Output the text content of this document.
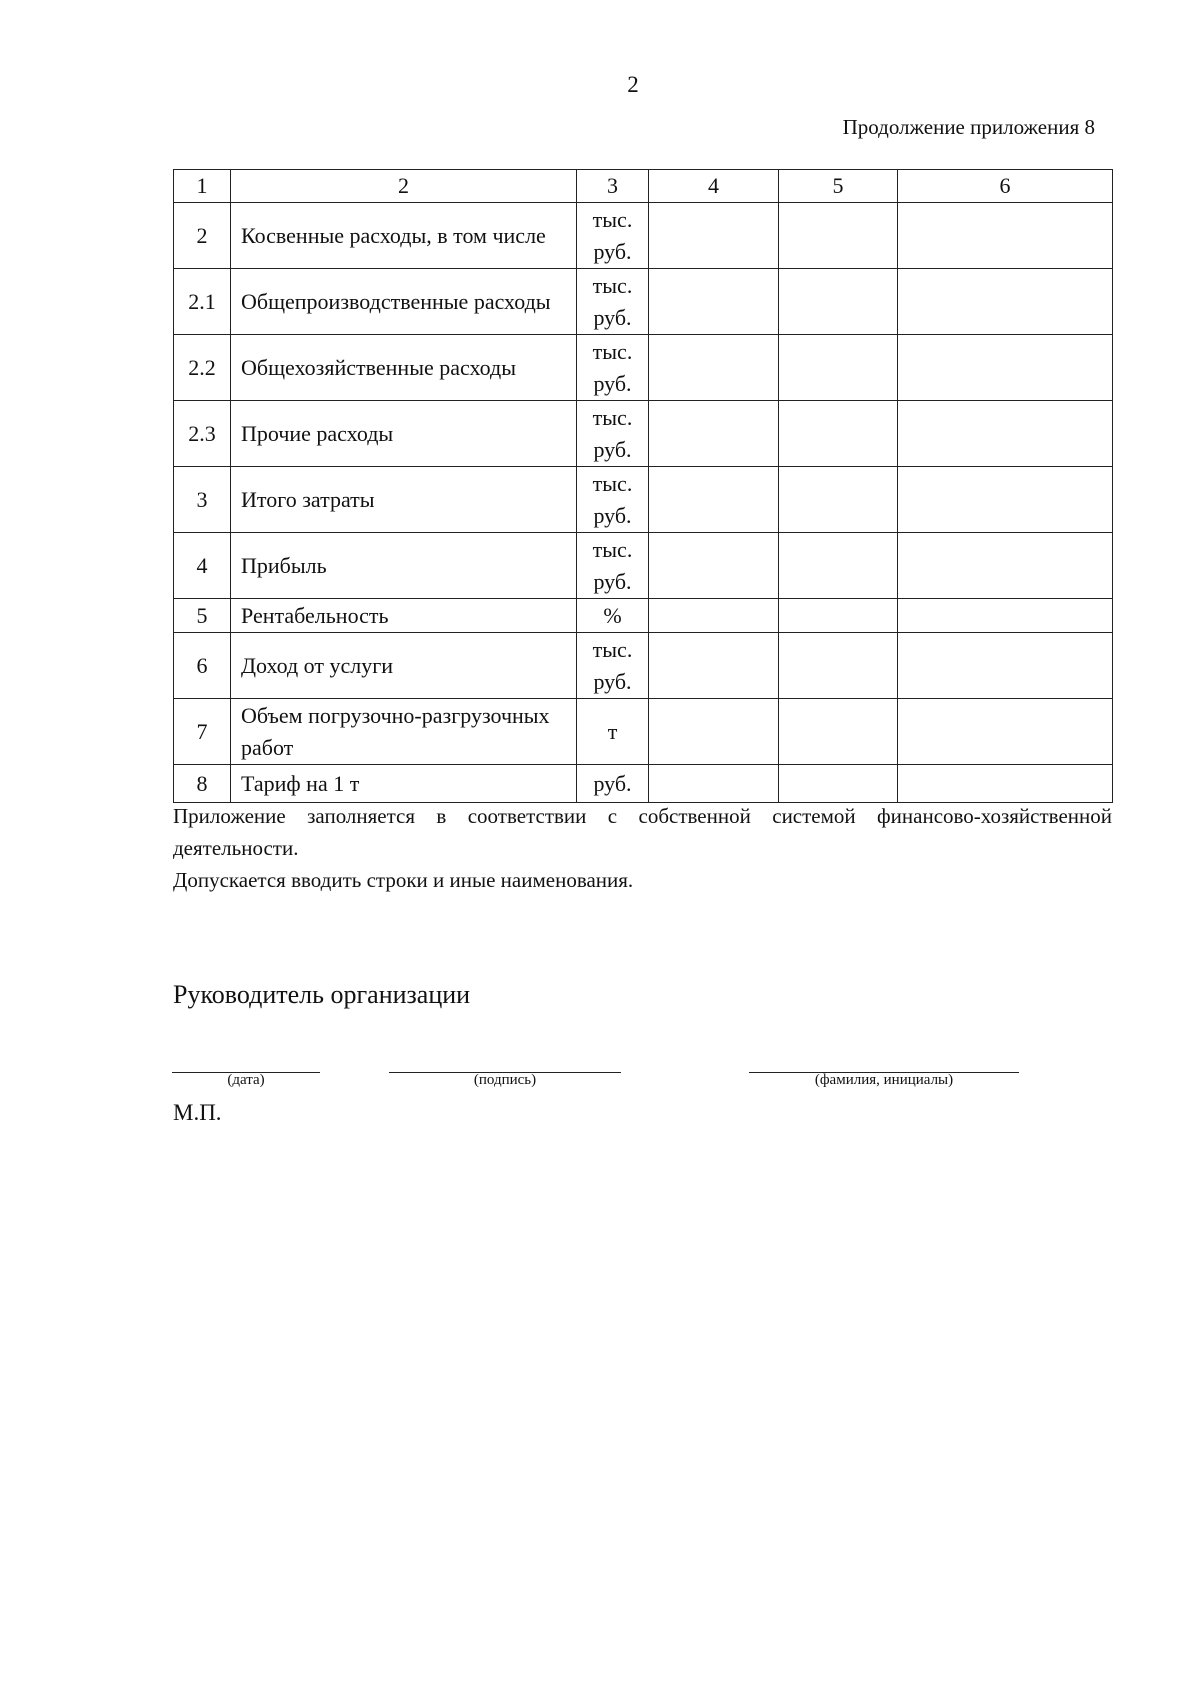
2
Продолжение приложения 8
1	2	3	4	5	6
2	Косвенные расходы, в том числе	тыс.
руб.			

2.1	Общепроизводственные расходы	тыс.
руб.			

2.2	Общехозяйственные расходы	тыс.
руб.			

2.3	Прочие расходы	тыс.
руб.			

3	Итого затраты	тыс.
руб.			

4	Прибыль	тыс.
руб.			

5	Рентабельность	%			

6	Доход от услуги	тыс.
руб.			

7	Объем погрузочно-разгрузочных работ	т			

8	Тариф на 1 т	руб.			

Приложение заполняется в соответствии с собственной системой финансово-хозяйственной деятельности.
Допускается вводить строки и иные наименования.
Руководитель организации
(дата)	(подпись)	(фамилия, инициалы)
М.П.
